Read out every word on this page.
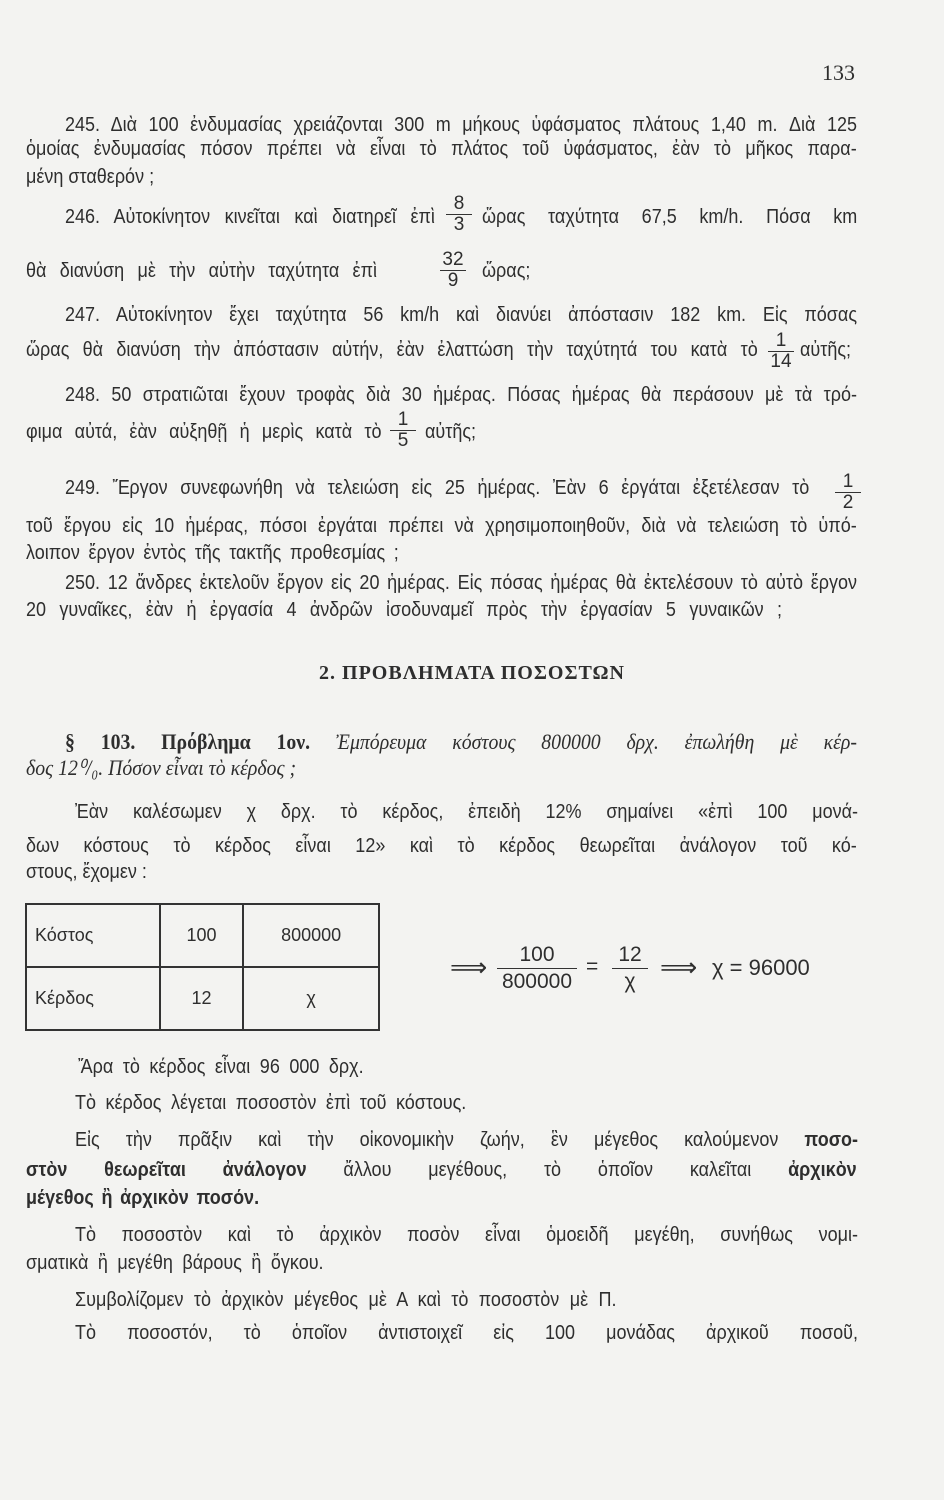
133
245. Διὰ 100 ἐνδυμασίας χρειάζονται 300 m μήκους ὑφάσματος πλάτους 1,40 m. Διὰ 125
ὁμοίας ἐνδυμασίας πόσον πρέπει νὰ εἶναι τὸ πλάτος τοῦ ὑφάσματος, ἐὰν τὸ μῆκος παρα-
μένη σταθερόν ;
246. Αὐτοκίνητον κινεῖται καὶ διατηρεῖ ἐπὶ $\frac{8}{3}$ ὥρας ταχύτητα 67,5 km/h. Πόσα km
θὰ διανύση μὲ τὴν αὐτὴν ταχύτητα ἐπὶ	$\frac{32}{9}$ ὥρας;
247. Αὐτοκίνητον ἔχει ταχύτητα 56 km/h καὶ διανύει ἀπόστασιν 182 km. Εἰς πόσας
ὥρας θὰ διανύση τὴν ἀπόστασιν αὐτήν, ἐὰν ἐλαττώση τὴν ταχύτητά του κατὰ τὸ $\frac{1}{14}$ αὐτῆς;
248. 50 στρατιῶται ἔχουν τροφὰς διὰ 30 ἡμέρας. Πόσας ἡμέρας θὰ περάσουν μὲ τὰ τρό-
φιμα αὐτά, ἐὰν αὐξηθῇ ἡ μερὶς κατὰ τὸ $\frac{1}{5}$ αὐτῆς;
249. Ἔργον συνεφωνήθη νὰ τελειώση εἰς 25 ἡμέρας. Ἐὰν 6 ἐργάται ἐξετέλεσαν τὸ $\frac{1}{2}$
τοῦ ἔργου εἰς 10 ἡμέρας, πόσοι ἐργάται πρέπει νὰ χρησιμοποιηθοῦν, διὰ νὰ τελειώση τὸ ὑπό-
λοιπον ἔργον ἐντὸς τῆς τακτῆς προθεσμίας ;
250. 12 ἄνδρες ἐκτελοῦν ἔργον εἰς 20 ἡμέρας. Εἰς πόσας ἡμέρας θὰ ἐκτελέσουν τὸ αὐτὸ ἔργον
20 γυναῖκες, ἐὰν ἡ ἐργασία 4 ἀνδρῶν ἰσοδυναμεῖ πρὸς τὴν ἐργασίαν 5 γυναικῶν ;
2. ΠΡΟΒΛΗΜΑΤΑ ΠΟΣΟΣΤΩΝ
§ 103. Πρόβλημα 1ον. Ἐμπόρευμα κόστους 800000 δρχ. ἐπωλήθη μὲ κέρ-
δος 12⁰/₀. Πόσον εἶναι τὸ κέρδος ;
Ἐὰν καλέσωμεν χ δρχ. τὸ κέρδος, ἐπειδὴ 12% σημαίνει «ἐπὶ 100 μονά-
δων κόστους τὸ κέρδος εἶναι 12» καὶ τὸ κέρδος θεωρεῖται ἀνάλογον τοῦ κό-
στους, ἔχομεν :
Κόστος	100	800000
Κέρδος	12	χ
⟹ $\frac{100}{800000} = \frac{12}{\chi}$ ⟹ χ = 96000
Ἄρα τὸ κέρδος εἶναι 96 000 δρχ.
Τὸ κέρδος λέγεται ποσοστὸν ἐπὶ τοῦ κόστους.
Εἰς τὴν πρᾶξιν καὶ τὴν οἰκονομικὴν ζωήν, ἓν μέγεθος καλούμενον ποσο-
στὸν θεωρεῖται ἀνάλογον ἄλλου μεγέθους, τὸ ὁποῖον καλεῖται ἀρχικὸν
μέγεθος ἢ ἀρχικὸν ποσόν.
Τὸ ποσοστὸν καὶ τὸ ἀρχικὸν ποσὸν εἶναι ὁμοειδῆ μεγέθη, συνήθως νομι-
σματικὰ ἢ μεγέθη βάρους ἢ ὄγκου.
Συμβολίζομεν τὸ ἀρχικὸν μέγεθος μὲ Α καὶ τὸ ποσοστὸν μὲ Π.
Τὸ ποσοστόν, τὸ ὁποῖον ἀντιστοιχεῖ εἰς 100 μονάδας ἀρχικοῦ ποσοῦ,
